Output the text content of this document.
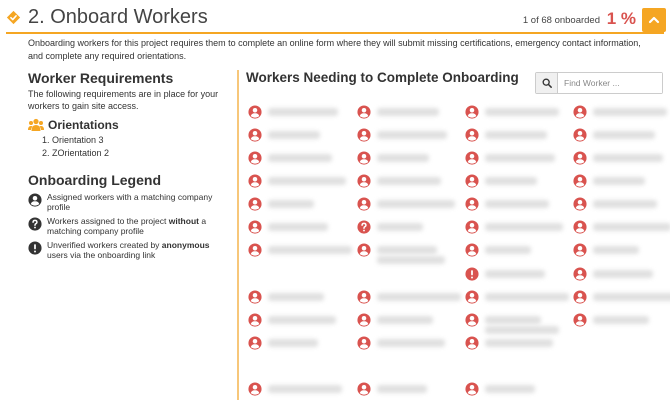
2. Onboard Workers	1 of 68 onboarded 1 %
Onboarding workers for this project requires them to complete an online form where they will submit missing certifications, emergency contact information, and complete any required orientations.
Worker Requirements
The following requirements are in place for your workers to gain site access.
Orientations
1. Orientation 3
2. ZOrientation 2
Onboarding Legend
Assigned workers with a matching company profile
Workers assigned to the project without a matching company profile
Unverified workers created by anonymous users via the onboarding link
Workers Needing to Complete Onboarding
Find Worker ...
